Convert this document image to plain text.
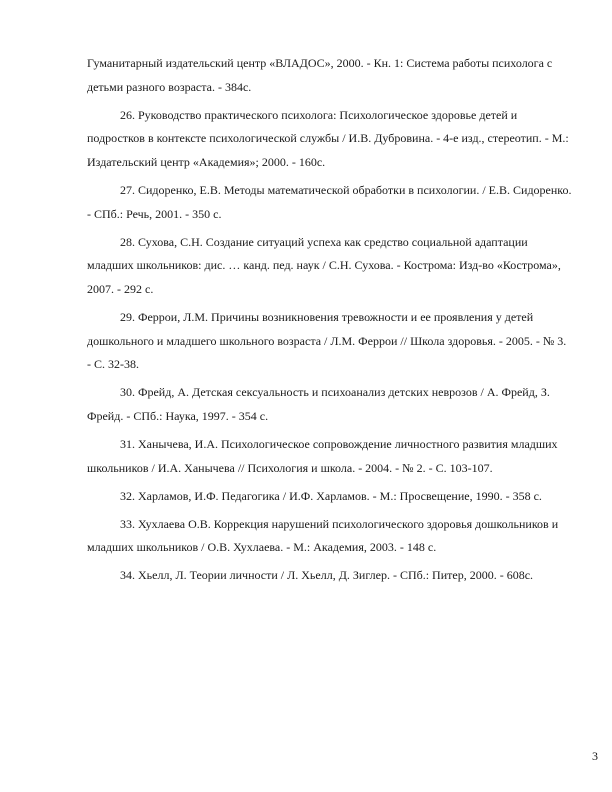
Гуманитарный издательский центр «ВЛАДОС», 2000. - Кн. 1: Система работы психолога с детьми разного возраста. - 384с.

26. Руководство практического психолога: Психологическое здоровье детей и подростков в контексте психологической службы / И.В. Дубровина. - 4-е изд., стереотип. - М.: Издательский центр «Академия»; 2000. - 160с.

27. Сидоренко, Е.В. Методы математической обработки в психологии. / Е.В. Сидоренко. - СПб.: Речь, 2001. - 350 с.

28. Сухова, С.Н. Создание ситуаций успеха как средство социальной адаптации младших школьников: дис. … канд. пед. наук / С.Н. Сухова. - Кострома: Изд-во «Кострома», 2007. - 292 с.

29. Феррои, Л.М. Причины возникновения тревожности и ее проявления у детей дошкольного и младшего школьного возраста / Л.М. Феррои // Школа здоровья. - 2005. - № 3. - С. 32-38.

30. Фрейд, А. Детская сексуальность и психоанализ детских неврозов / А. Фрейд, З. Фрейд. - СПб.: Наука, 1997. - 354 с.

31. Ханычева, И.А. Психологическое сопровождение личностного развития младших школьников / И.А. Ханычева // Психология и школа. - 2004. - № 2. - С. 103-107.

32. Харламов, И.Ф. Педагогика / И.Ф. Харламов. - М.: Просвещение, 1990. - 358 с.

33. Хухлаева О.В. Коррекция нарушений психологического здоровья дошкольников и младших школьников / О.В. Хухлаева. - М.: Академия, 2003. - 148 с.

34. Хьелл, Л. Теории личности / Л. Хьелл, Д. Зиглер. - СПб.: Питер, 2000. - 608с.

3
